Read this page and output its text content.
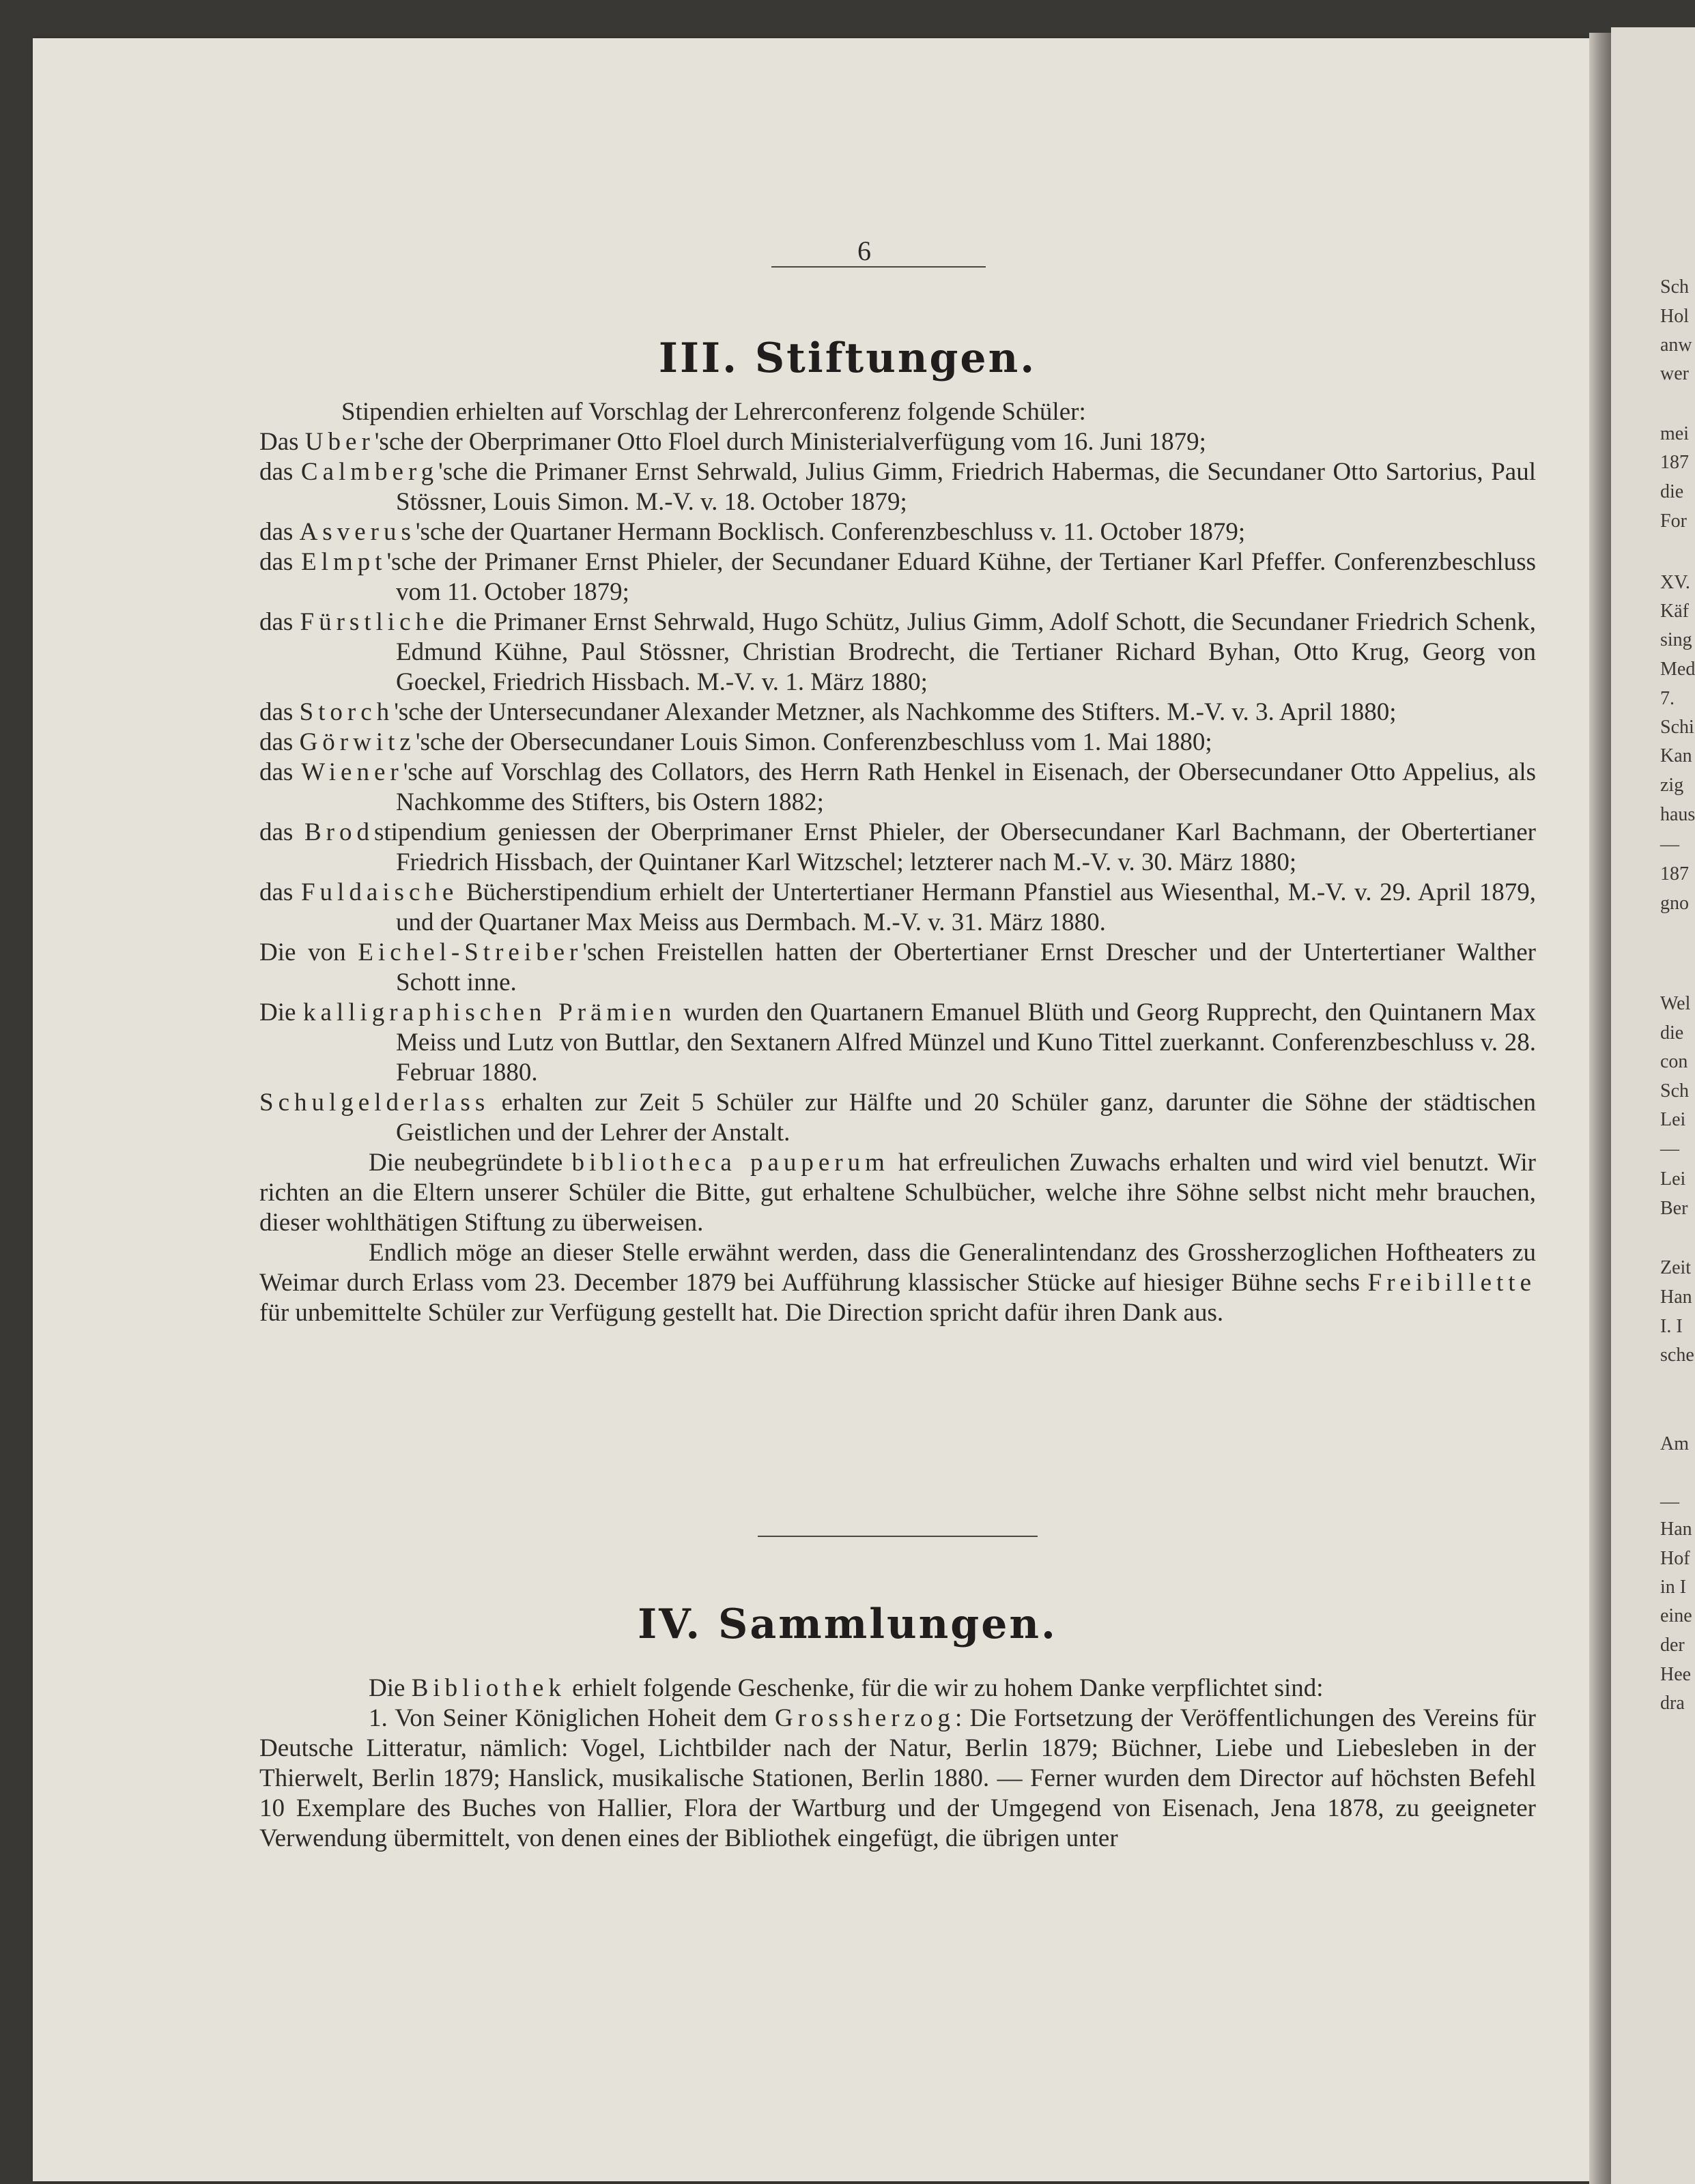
Sch
Hol
anw
wer
mei
187
die
For
XV.
Käf
sing
Med
7.
Schi
Kan
zig
haus
—
187
gno
Wel
die
con
Sch
Lei
—
Lei
Ber
Zeit
Han
I. I
sche
Am
—
Han
Hof
in I
eine
der
Hee
dra
6
III. Stiftungen.

Stipendien erhielten auf Vorschlag der Lehrerconferenz folgende Schüler:

Das Uber'sche der Oberprimaner Otto Floel durch Ministerialverfügung vom 16. Juni 1879;

das Calmberg'sche die Primaner Ernst Sehrwald, Julius Gimm, Friedrich Habermas, die Secundaner Otto Sartorius, Paul Stössner, Louis Simon. M.-V. v. 18. October 1879;

das Asverus'sche der Quartaner Hermann Bocklisch. Conferenzbeschluss v. 11. October 1879;

das Elmpt'sche der Primaner Ernst Phieler, der Secundaner Eduard Kühne, der Tertianer Karl Pfeffer. Conferenzbeschluss vom 11. October 1879;

das Fürstliche die Primaner Ernst Sehrwald, Hugo Schütz, Julius Gimm, Adolf Schott, die Secundaner Friedrich Schenk, Edmund Kühne, Paul Stössner, Christian Brodrecht, die Tertianer Richard Byhan, Otto Krug, Georg von Goeckel, Friedrich Hissbach. M.-V. v. 1. März 1880;

das Storch'sche der Untersecundaner Alexander Metzner, als Nachkomme des Stifters. M.-V. v. 3. April 1880;

das Görwitz'sche der Obersecundaner Louis Simon. Conferenzbeschluss vom 1. Mai 1880;

das Wiener'sche auf Vorschlag des Collators, des Herrn Rath Henkel in Eisenach, der Obersecundaner Otto Appelius, als Nachkomme des Stifters, bis Ostern 1882;

das Brodstipendium geniessen der Oberprimaner Ernst Phieler, der Obersecundaner Karl Bachmann, der Obertertianer Friedrich Hissbach, der Quintaner Karl Witzschel; letzterer nach M.-V. v. 30. März 1880;

das Fuldaische Bücherstipendium erhielt der Untertertianer Hermann Pfanstiel aus Wiesenthal, M.-V. v. 29. April 1879, und der Quartaner Max Meiss aus Dermbach. M.-V. v. 31. März 1880.

Die von Eichel-Streiber'schen Freistellen hatten der Obertertianer Ernst Drescher und der Untertertianer Walther Schott inne.

Die kalligraphischen Prämien wurden den Quartanern Emanuel Blüth und Georg Rupprecht, den Quintanern Max Meiss und Lutz von Buttlar, den Sextanern Alfred Münzel und Kuno Tittel zuerkannt. Conferenzbeschluss v. 28. Februar 1880.

Schulgelderlass erhalten zur Zeit 5 Schüler zur Hälfte und 20 Schüler ganz, darunter die Söhne der städtischen Geistlichen und der Lehrer der Anstalt.

Die neubegründete bibliotheca pauperum hat erfreulichen Zuwachs erhalten und wird viel benutzt. Wir richten an die Eltern unserer Schüler die Bitte, gut erhaltene Schulbücher, welche ihre Söhne selbst nicht mehr brauchen, dieser wohlthätigen Stiftung zu überweisen.

Endlich möge an dieser Stelle erwähnt werden, dass die Generalintendanz des Grossherzoglichen Hoftheaters zu Weimar durch Erlass vom 23. December 1879 bei Aufführung klassischer Stücke auf hiesiger Bühne sechs Freibillette für unbemittelte Schüler zur Verfügung gestellt hat. Die Direction spricht dafür ihren Dank aus.

IV. Sammlungen.

Die Bibliothek erhielt folgende Geschenke, für die wir zu hohem Danke verpflichtet sind:

1. Von Seiner Königlichen Hoheit dem Grossherzog: Die Fortsetzung der Veröffentlichungen des Vereins für Deutsche Litteratur, nämlich: Vogel, Lichtbilder nach der Natur, Berlin 1879; Büchner, Liebe und Liebesleben in der Thierwelt, Berlin 1879; Hanslick, musikalische Stationen, Berlin 1880. — Ferner wurden dem Director auf höchsten Befehl 10 Exemplare des Buches von Hallier, Flora der Wartburg und der Umgegend von Eisenach, Jena 1878, zu geeigneter Verwendung übermittelt, von denen eines der Bibliothek eingefügt, die übrigen unter
